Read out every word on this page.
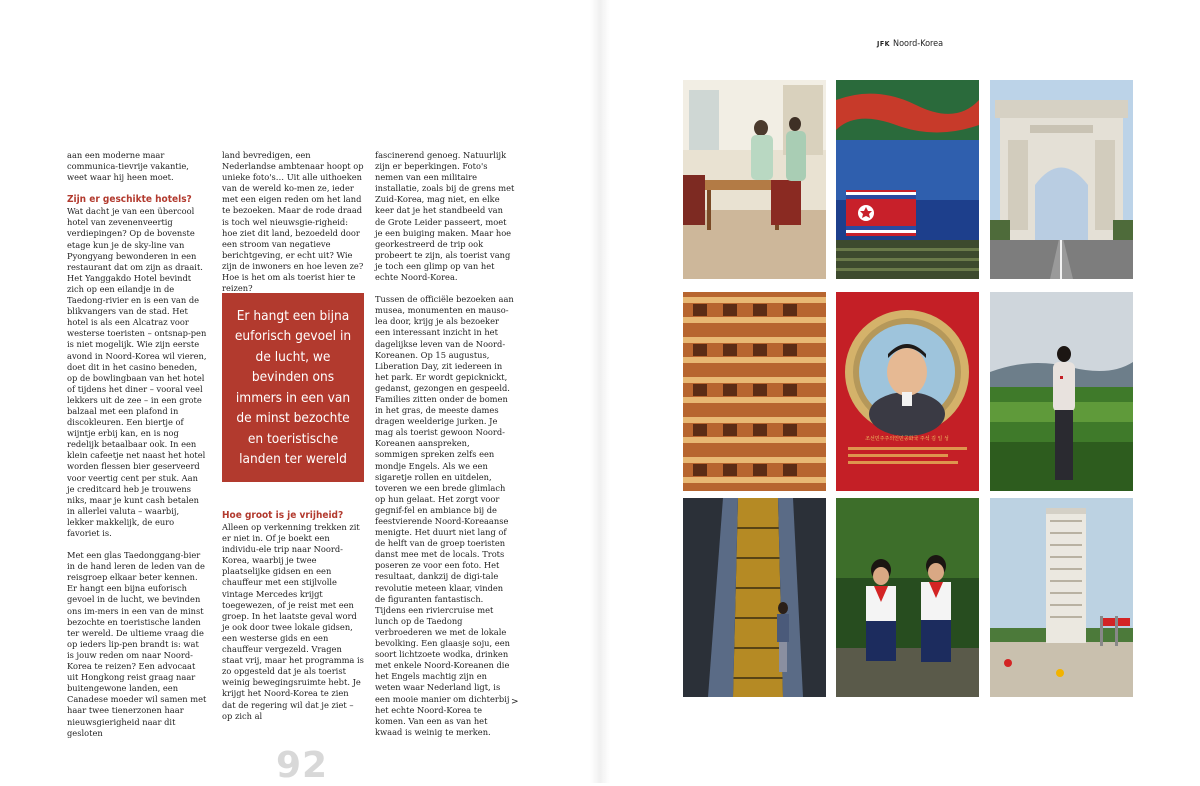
aan een moderne maar communica-tievrije vakantie, weet waar hij heen moet.

Zijn er geschikte hotels?

Wat dacht je van een übercool hotel van zevenenveertig verdiepingen? Op de bovenste etage kun je de sky-line van Pyongyang bewonderen in een restaurant dat om zijn as draait. Het Yanggakdo Hotel bevindt zich op een eilandje in de Taedong-rivier en is een van de blikvangers van de stad. Het hotel is als een Alcatraz voor westerse toeristen – ontsnap-pen is niet mogelijk. Wie zijn eerste avond in Noord-Korea wil vieren, doet dit in het casino beneden, op de bowlingbaan van het hotel of tijdens het diner – vooral veel lekkers uit de zee – in een grote balzaal met een plafond in discokleuren. Een biertje of wijntje erbij kan, en is nog redelijk betaalbaar ook. In een klein cafeetje net naast het hotel worden flessen bier geserveerd voor veertig cent per stuk. Aan je creditcard heb je trouwens niks, maar je kunt cash betalen in allerlei valuta – waarbij, lekker makkelijk, de euro favoriet is.

Met een glas Taedonggang-bier in de hand leren de leden van de reisgroep elkaar beter kennen. Er hangt een bijna euforisch gevoel in de lucht, we bevinden ons im-mers in een van de minst bezochte en toeristische landen ter wereld. De ultieme vraag die op ieders lip-pen brandt is: wat is jouw reden om naar Noord-Korea te reizen? Een advocaat uit Hongkong reist graag naar buitengewone landen, een Canadese moeder wil samen met haar twee tienerzonen haar nieuwsgierigheid naar dit gesloten

land bevredigen, een Nederlandse ambtenaar hoopt op unieke foto's… Uit alle uithoeken van de wereld ko-men ze, ieder met een eigen reden om het land te bezoeken. Maar de rode draad is toch wel nieuwsgie-righeid: hoe ziet dit land, bezoedeld door een stroom van negatieve berichtgeving, er echt uit? Wie zijn de inwoners en hoe leven ze? Hoe is het om als toerist hier te reizen?

Er hangt een bijna euforisch gevoel in de lucht, we bevinden ons immers in een van de minst bezochte en toeristische landen ter wereld
Hoe groot is je vrijheid?

Alleen op verkenning trekken zit er niet in. Of je boekt een individu-ele trip naar Noord-Korea, waarbij je twee plaatselijke gidsen en een chauffeur met een stijlvolle vintage Mercedes krijgt toegewezen, of je reist met een groep. In het laatste geval word je ook door twee lokale gidsen, een westerse gids en een chauffeur vergezeld. Vragen staat vrij, maar het programma is zo opgesteld dat je als toerist weinig bewegingsruimte hebt. Je krijgt het Noord-Korea te zien dat de regering wil dat je ziet – op zich al

fascinerend genoeg. Natuurlijk zijn er beperkingen. Foto's nemen van een militaire installatie, zoals bij de grens met Zuid-Korea, mag niet, en elke keer dat je het standbeeld van de Grote Leider passeert, moet je een buiging maken. Maar hoe georkestreerd de trip ook probeert te zijn, als toerist vang je toch een glimp op van het echte Noord-Korea.

Tussen de officiële bezoeken aan musea, monumenten en mauso-lea door, krijg je als bezoeker een interessant inzicht in het dagelijkse leven van de Noord-Koreanen. Op 15 augustus, Liberation Day, zit iedereen in het park. Er wordt gepicknickt, gedanst, gezongen en gespeeld. Families zitten onder de bomen in het gras, de meeste dames dragen weelderige jurken. Je mag als toerist gewoon Noord-Koreanen aanspreken, sommigen spreken zelfs een mondje Engels. Als we een sigaretje rollen en uitdelen, toveren we een brede glimlach op hun gelaat. Het zorgt voor gegnif-fel en ambiance bij de feestvierende Noord-Koreaanse menigte. Het duurt niet lang of de helft van de groep toeristen danst mee met de locals. Trots poseren ze voor een foto. Het resultaat, dankzij de digi-tale revolutie meteen klaar, vinden de figuranten fantastisch. Tijdens een riviercruise met lunch op de Taedong verbroederen we met de lokale bevolking. Een glaasje soju, een soort lichtzoete wodka, drinken met enkele Noord-Koreanen die het Engels machtig zijn en weten waar Nederland ligt, is een mooie manier om dichterbij het echte Noord-Korea te komen. Van een as van het kwaad is weinig te merken.

>
92
JFK Noord-Korea
조선민주주의인민공화국 주석 김 일 성
